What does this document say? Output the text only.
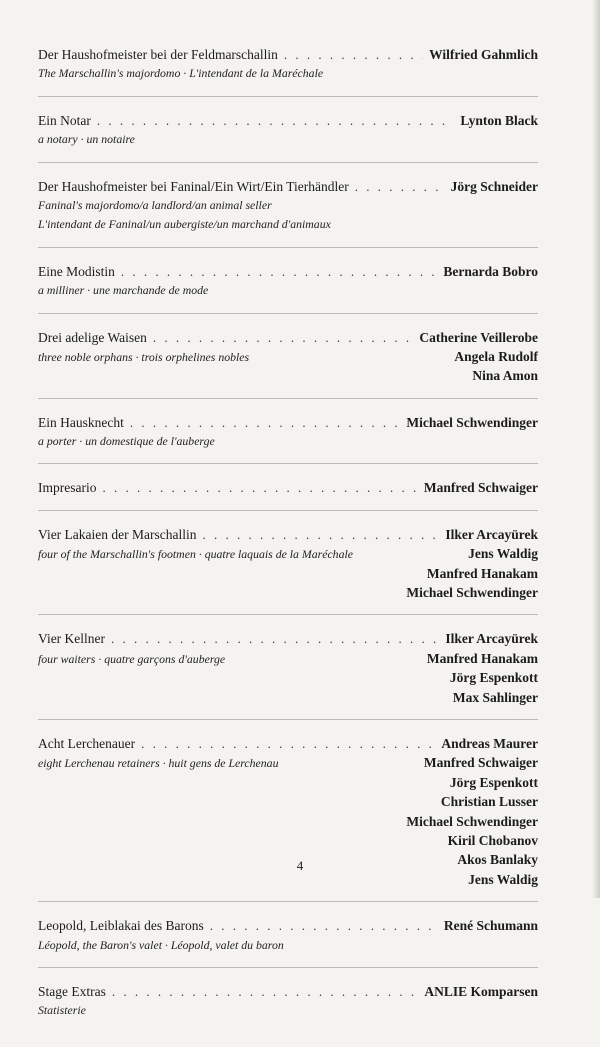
Der Haushofmeister bei der Feldmarschallin . . .	Wilfried Gahmlich
The Marschallin's majordomo · L'intendant de la Maréchale
Ein Notar . . .	Lynton Black
a notary · un notaire
Der Haushofmeister bei Faninal/Ein Wirt/Ein Tierhändler . . .	Jörg Schneider
Faninal's majordomo/a landlord/an animal seller
L'intendant de Faninal/un aubergiste/un marchand d'animaux
Eine Modistin . . .	Bernarda Bobro
a milliner · une marchande de mode
Drei adelige Waisen . . .	Catherine Veillerobe
three noble orphans · trois orphelines nobles	Angela Rudolf
Nina Amon
Ein Hausknecht . . .	Michael Schwendinger
a porter · un domestique de l'auberge
Impresario . . .	Manfred Schwaiger
Vier Lakaien der Marschallin . . .	Ilker Arcayürek
four of the Marschallin's footmen · quatre laquais de la Maréchale	Jens Waldig
Manfred Hanakam
Michael Schwendinger
Vier Kellner . . .	Ilker Arcayürek
four waiters · quatre garçons d'auberge	Manfred Hanakam
Jörg Espenkott
Max Sahlinger
Acht Lerchenauer . . .	Andreas Maurer
eight Lerchenau retainers · huit gens de Lerchenau	Manfred Schwaiger
Jörg Espenkott
Christian Lusser
Michael Schwendinger
Kiril Chobanov
Akos Banlaky
Jens Waldig
Leopold, Leiblakai des Barons . . .	René Schumann
Léopold, the Baron's valet · Léopold, valet du baron
Stage Extras . . .	ANLIE Komparsen
Statisterie
4
